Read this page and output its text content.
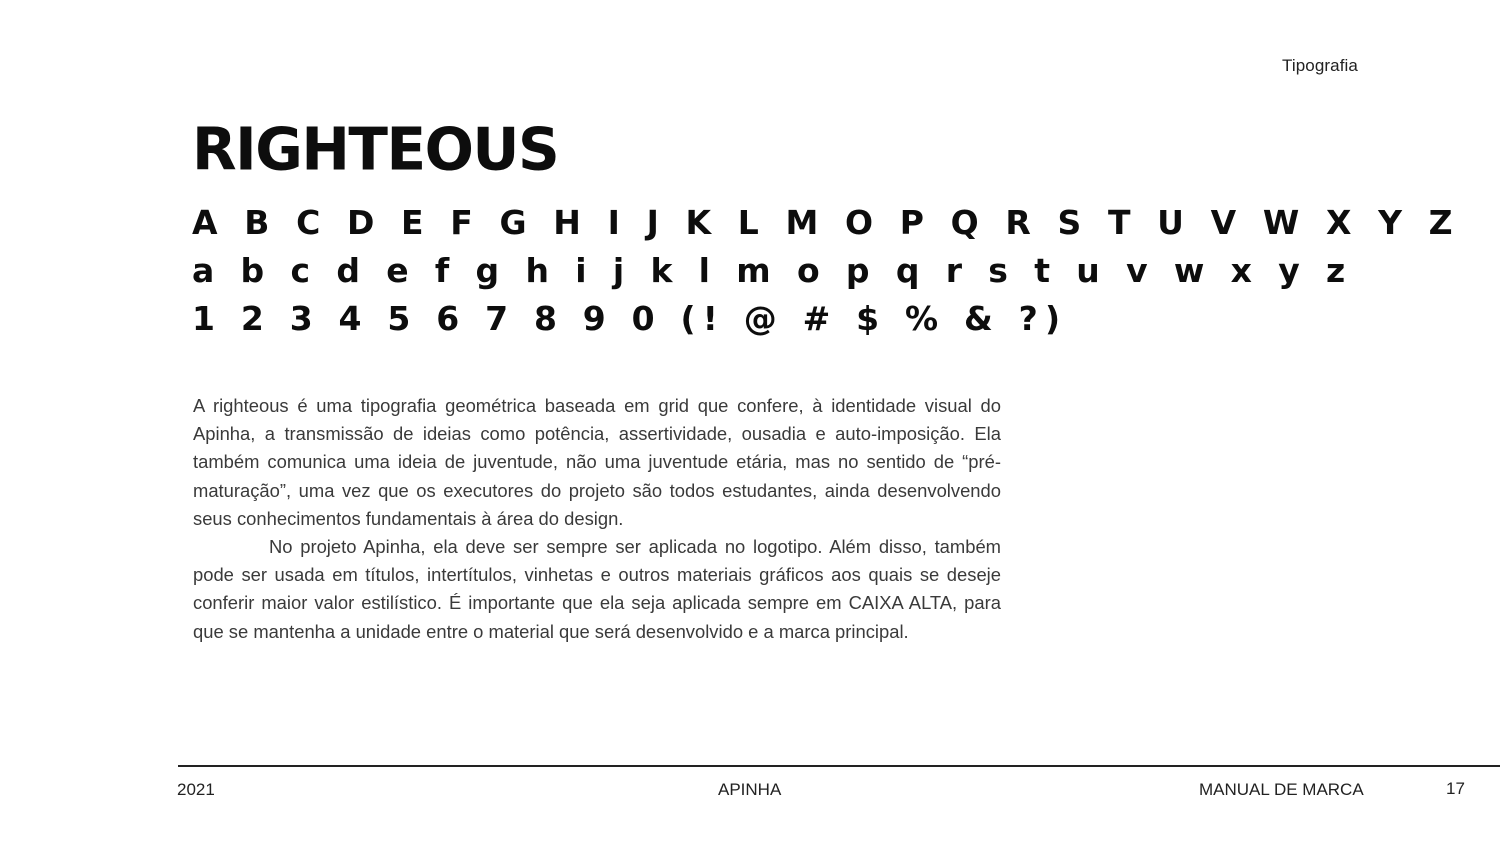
Tipografia
RIGHTEOUS
A B C D E F G H I J K L M O P Q R S T U V W X Y Z
a b c d e f g h i j k l m o p q r s t u v w x y z
1 2 3 4 5 6 7 8 9 0 (! @ # $ % & ?)

A righteous é uma tipografia geométrica baseada em grid que confere, à identidade visual do Apinha, a transmissão de ideias como potência, assertividade, ousadia e auto-imposição. Ela também comunica uma ideia de juventude, não uma juventude etária, mas no sentido de “pré-maturação”, uma vez que os executores do projeto são todos estudantes, ainda desenvolvendo seus conhecimentos fundamentais à área do design.

No projeto Apinha, ela deve ser sempre ser aplicada no logotipo. Além disso, também pode ser usada em títulos, intertítulos, vinhetas e outros materiais gráficos aos quais se deseje conferir maior valor estilístico. É importante que ela seja aplicada sempre em CAIXA ALTA, para que se mantenha a unidade entre o material que será desenvolvido e a marca principal.

2021	APINHA	MANUAL DE MARCA	17
